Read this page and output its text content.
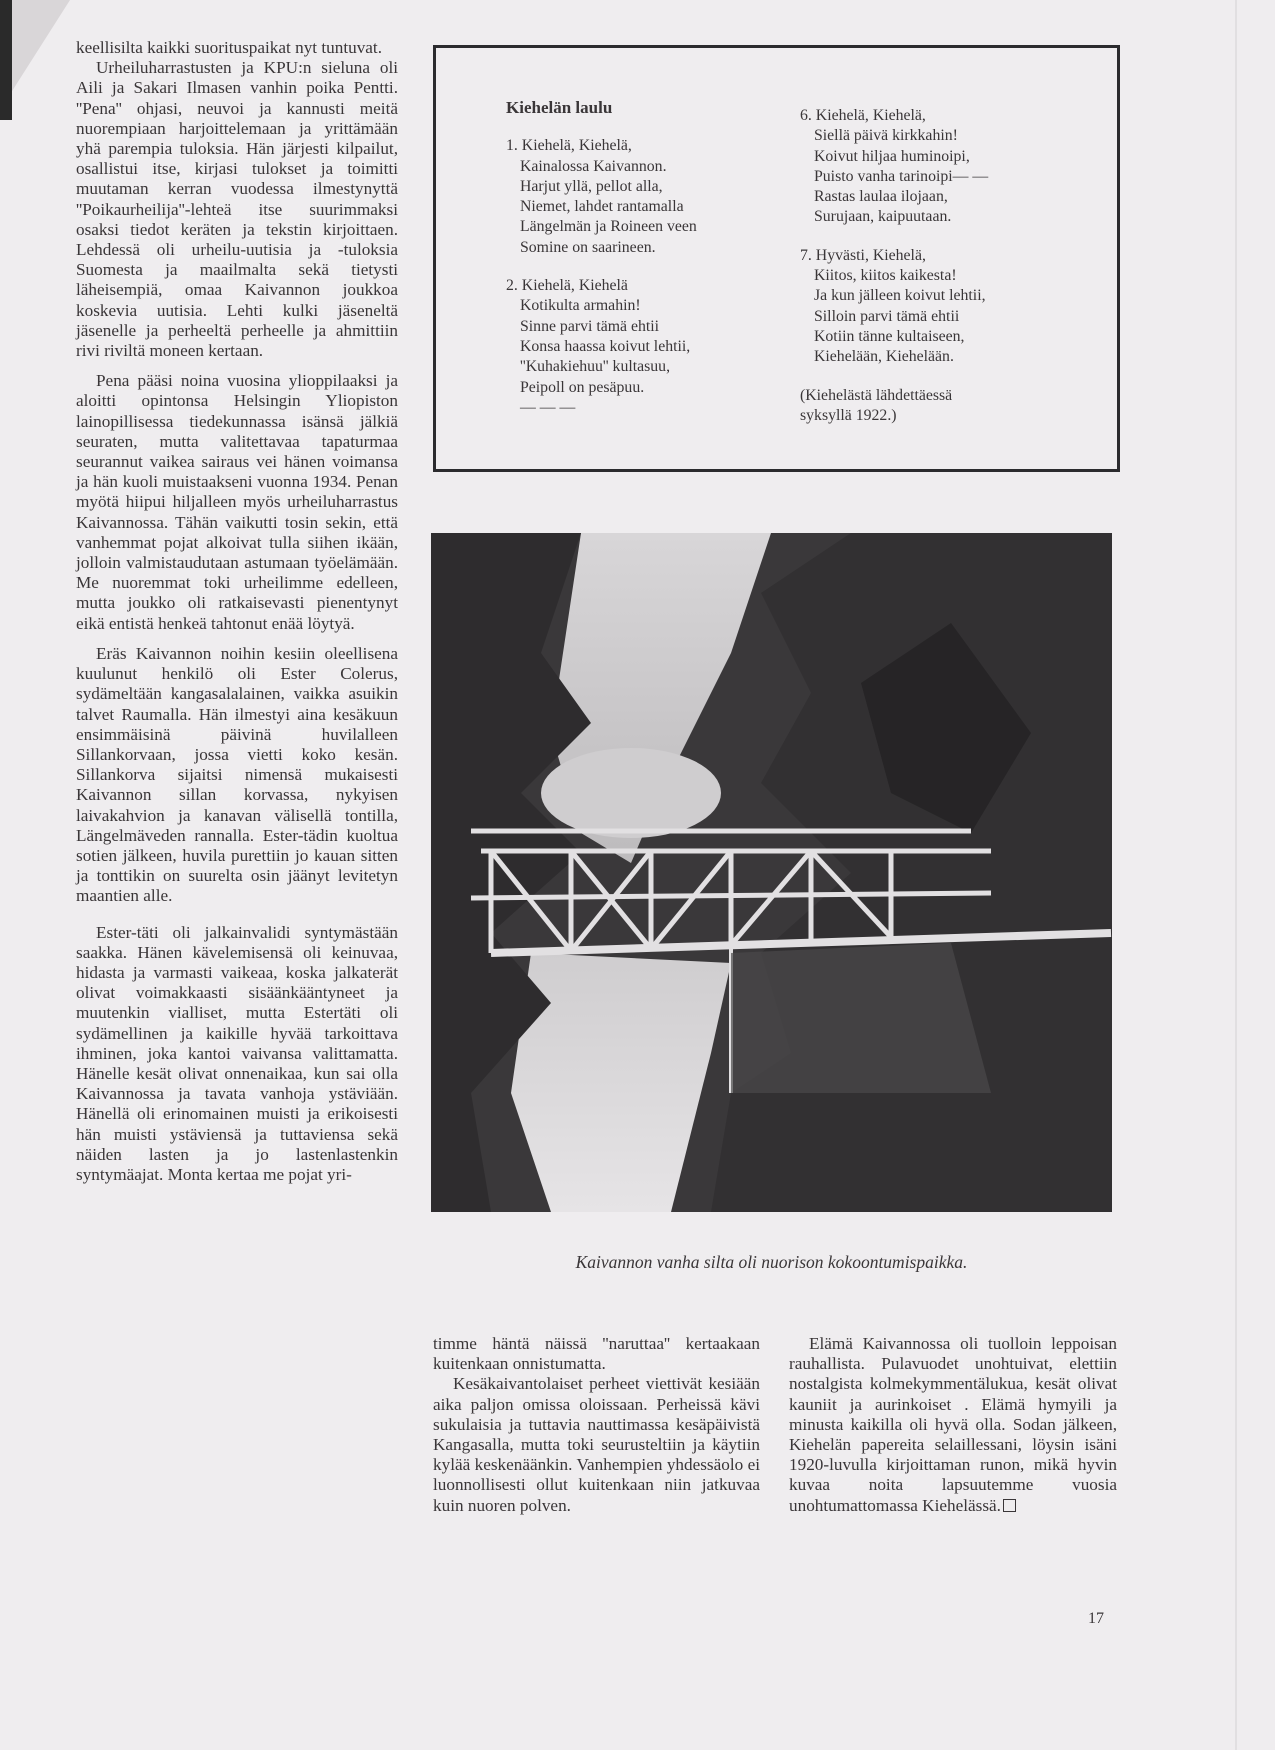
keellisilta kaikki suorituspaikat nyt tuntuvat.

Urheiluharrastusten ja KPU:n sieluna oli Aili ja Sakari Ilmasen vanhin poika Pentti. ''Pena'' ohjasi, neuvoi ja kannusti meitä nuorempiaan harjoittelemaan ja yrittämään yhä parempia tuloksia. Hän järjesti kilpailut, osallistui itse, kirjasi tulokset ja toimitti muutaman kerran vuodessa ilmestynyttä ''Poikaurheilija''-lehteä itse suurimmaksi osaksi tiedot keräten ja tekstin kirjoittaen. Lehdessä oli urheilu-uutisia ja -tuloksia Suomesta ja maailmalta sekä tietysti läheisempiä, omaa Kaivannon joukkoa koskevia uutisia. Lehti kulki jäseneltä jäsenelle ja perheeltä perheelle ja ahmittiin rivi riviltä moneen kertaan.

Pena pääsi noina vuosina ylioppilaaksi ja aloitti opintonsa Helsingin Yliopiston lainopillisessa tiedekunnassa isänsä jälkiä seuraten, mutta valitettavaa tapaturmaa seurannut vaikea sairaus vei hänen voimansa ja hän kuoli muistaakseni vuonna 1934. Penan myötä hiipui hiljalleen myös urheiluharrastus Kaivannossa. Tähän vaikutti tosin sekin, että vanhemmat pojat alkoivat tulla siihen ikään, jolloin valmistaudutaan astumaan työelämään. Me nuoremmat toki urheilimme edelleen, mutta joukko oli ratkaisevasti pienentynyt eikä entistä henkeä tahtonut enää löytyä.

Eräs Kaivannon noihin kesiin oleellisena kuulunut henkilö oli Ester Colerus, sydämeltään kangasalalainen, vaikka asuikin talvet Raumalla. Hän ilmestyi aina kesäkuun ensimmäisinä päivinä huvilalleen Sillankorvaan, jossa vietti koko kesän. Sillankorva sijaitsi nimensä mukaisesti Kaivannon sillan korvassa, nykyisen laivakahvion ja kanavan välisellä tontilla, Längelmäveden rannalla. Ester-tädin kuoltua sotien jälkeen, huvila purettiin jo kauan sitten ja tonttikin on suurelta osin jäänyt levitetyn maantien alle.

Ester-täti oli jalkainvalidi syntymästään saakka. Hänen kävelemisensä oli keinuvaa, hidasta ja varmasti vaikeaa, koska jalkaterät olivat voimakkaasti sisäänkääntyneet ja muutenkin vialliset, mutta Estertäti oli sydämellinen ja kaikille hyvää tarkoittava ihminen, joka kantoi vaivansa valittamatta. Hänelle kesät olivat onnenaikaa, kun sai olla Kaivannossa ja tavata vanhoja ystäviään. Hänellä oli erinomainen muisti ja erikoisesti hän muisti ystäviensä ja tuttaviensa sekä näiden lasten ja jo lastenlastenkin syntymäajat. Monta kertaa me pojat yri-

Kiehelän laulu
1. Kiehelä, Kiehelä,
Kainalossa Kaivannon.
Harjut yllä, pellot alla,
Niemet, lahdet rantamalla
Längelmän ja Roineen veen
Somine on saarineen.
2. Kiehelä, Kiehelä
Kotikulta armahin!
Sinne parvi tämä ehtii
Konsa haassa koivut lehtii,
''Kuhakiehuu'' kultasuu,
Peipoll on pesäpuu.
— — —
6. Kiehelä, Kiehelä,
Siellä päivä kirkkahin!
Koivut hiljaa huminoipi,
Puisto vanha tarinoipi— —
Rastas laulaa ilojaan,
Surujaan, kaipuutaan.
7. Hyvästi, Kiehelä,
Kiitos, kiitos kaikesta!
Ja kun jälleen koivut lehtii,
Silloin parvi tämä ehtii
Kotiin tänne kultaiseen,
Kiehelään, Kiehelään.
(Kiehelästä lähdettäessä
syksyllä 1922.)
Kaivannon vanha silta oli nuorison kokoontumispaikka.

timme häntä näissä ''naruttaa'' kertaakaan kuitenkaan onnistumatta.

Kesäkaivantolaiset perheet viettivät kesiään aika paljon omissa oloissaan. Perheissä kävi sukulaisia ja tuttavia nauttimassa kesäpäivistä Kangasalla, mutta toki seurusteltiin ja käytiin kylää keskenäänkin. Vanhempien yhdessäolo ei luonnollisesti ollut kuitenkaan niin jatkuvaa kuin nuoren polven.

Elämä Kaivannossa oli tuolloin leppoisan rauhallista. Pulavuodet unohtuivat, elettiin nostalgista kolmekymmentälukua, kesät olivat kauniit ja aurinkoiset . Elämä hymyili ja minusta kaikilla oli hyvä olla. Sodan jälkeen, Kiehelän papereita selaillessani, löysin isäni 1920-luvulla kirjoittaman runon, mikä hyvin kuvaa noita lapsuutemme vuosia unohtumattomassa Kiehelässä.

17
